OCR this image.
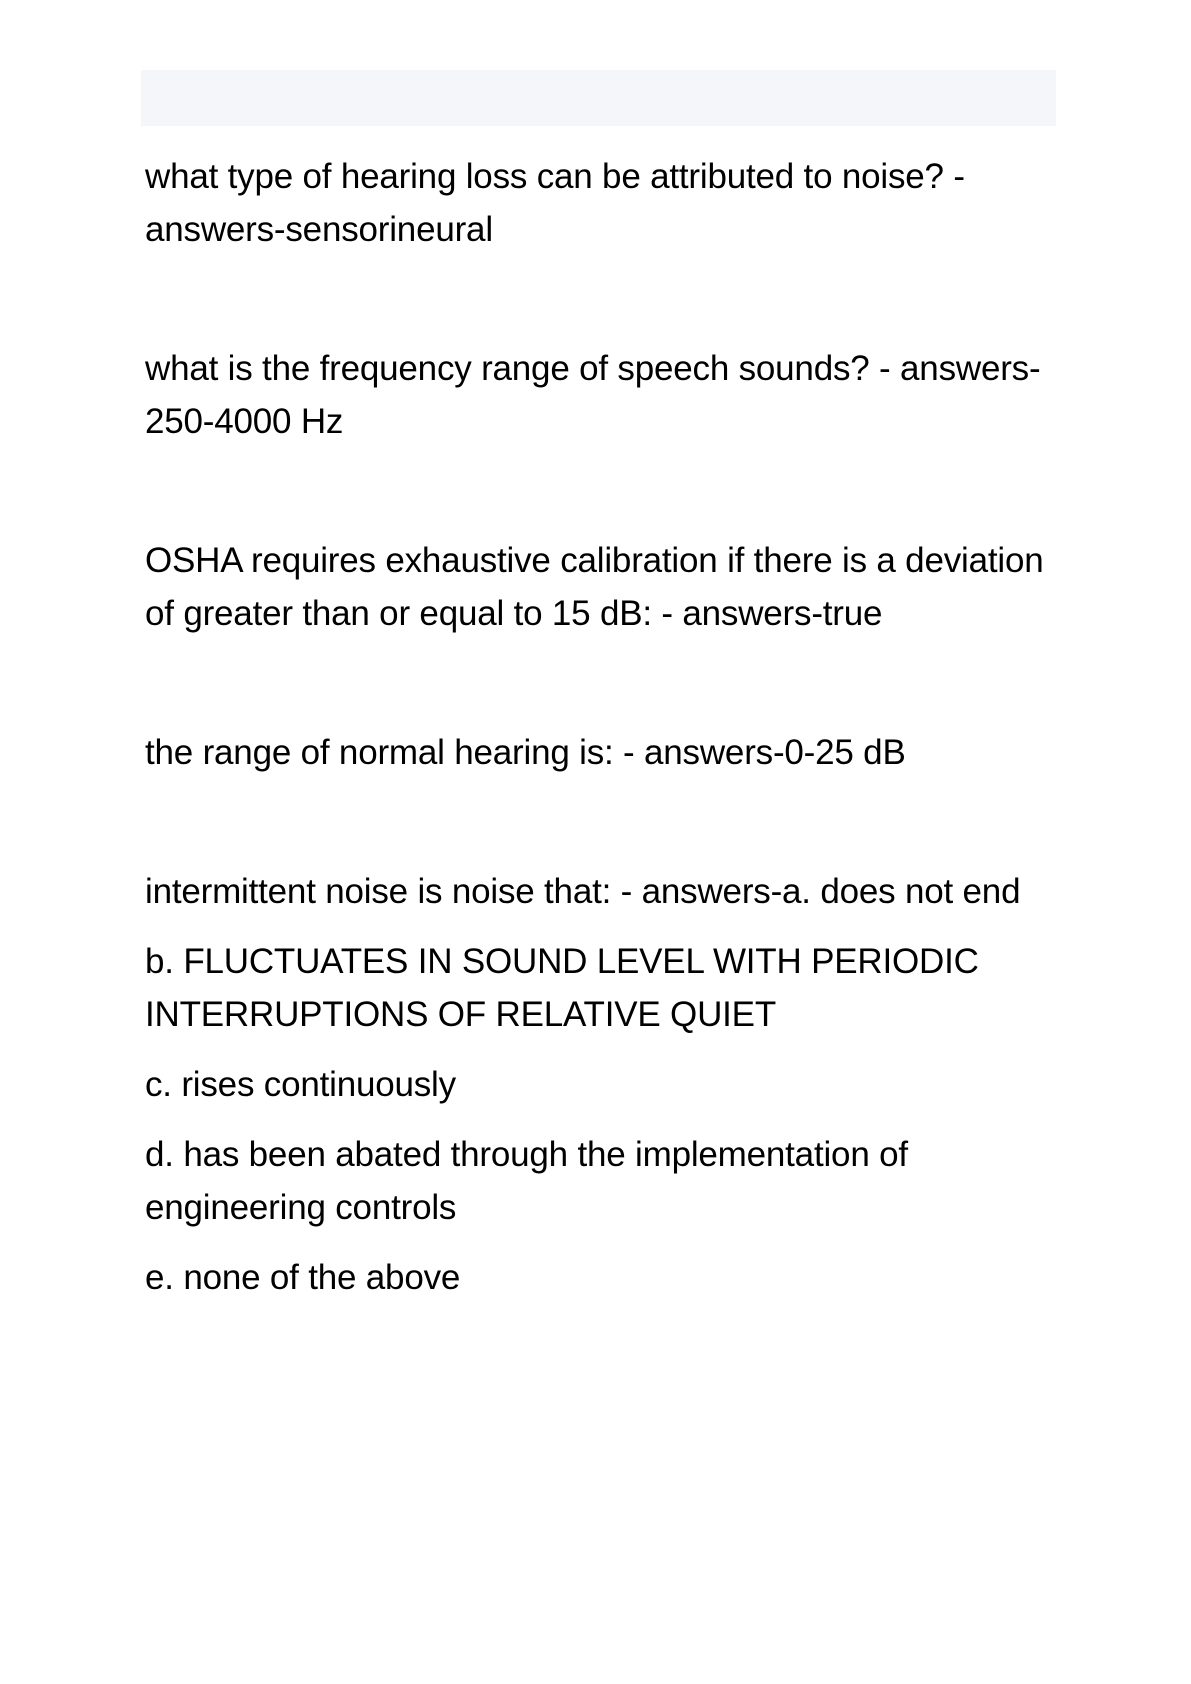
what type of hearing loss can be attributed to noise? - answers-sensorineural

what is the frequency range of speech sounds? - answers-250-4000 Hz

OSHA requires exhaustive calibration if there is a deviation of greater than or equal to 15 dB: - answers-true

the range of normal hearing is: - answers-0-25 dB

intermittent noise is noise that: - answers-a. does not end

b. FLUCTUATES IN SOUND LEVEL WITH PERIODIC INTERRUPTIONS OF RELATIVE QUIET

c. rises continuously

d. has been abated through the implementation of engineering controls

e. none of the above
